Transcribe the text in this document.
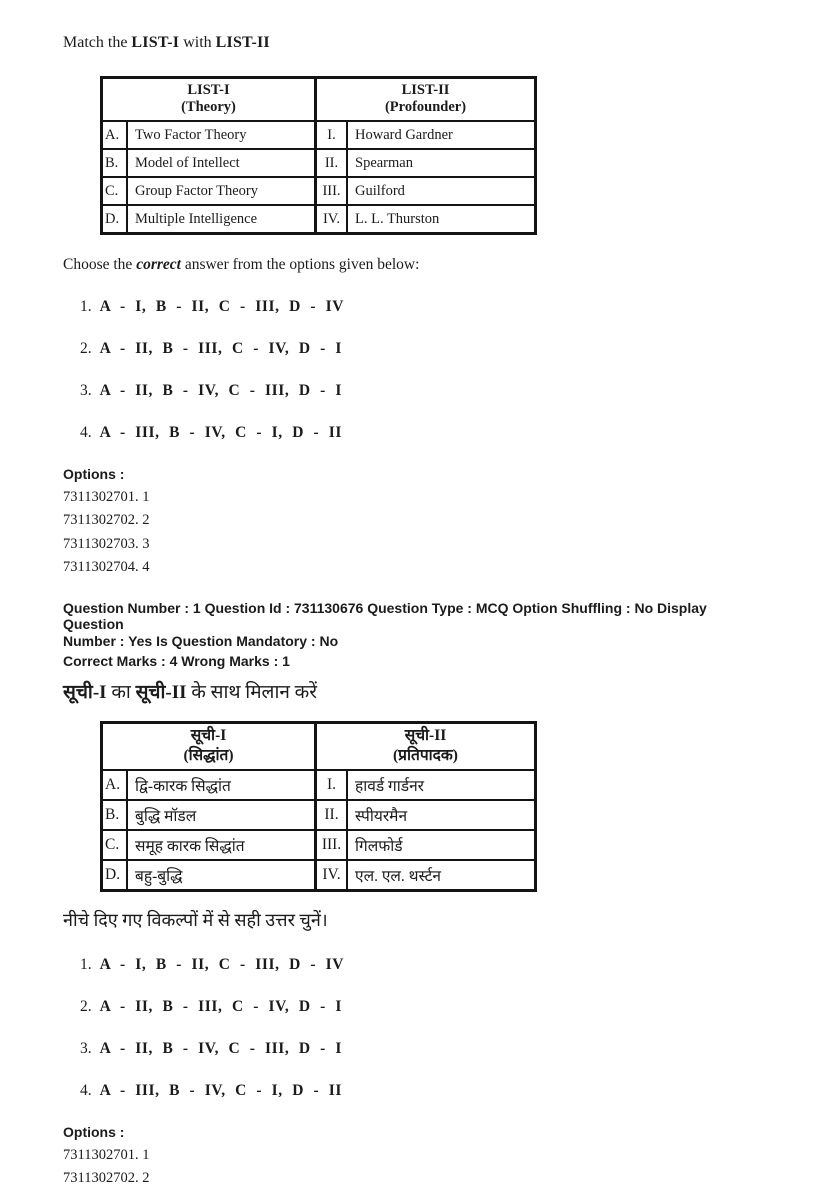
Match the LIST-I with LIST-II
LIST-I
(Theory)
LIST-II
(Profounder)
A.	Two Factor Theory	I.	Howard Gardner
B.	Model of Intellect	II.	Spearman
C.	Group Factor Theory	III. Guilford
D.	Multiple Intelligence	IV.	L. L. Thurston
Choose the correct answer from the options given below:
1. A - I, B - II, C - III, D - IV
2. A - II, B - III, C - IV, D - I
3. A - II, B - IV, C - III, D - I
4. A - III, B - IV, C - I, D - II
Options :
7311302701. 1
7311302702. 2
7311302703. 3
7311302704. 4
Question Number : 1 Question Id : 731130676 Question Type : MCQ Option Shuffling : No Display Question
Number : Yes Is Question Mandatory : No
Correct Marks : 4 Wrong Marks : 1
सूची-I का सूची-II के साथ मिलान करें
सूची-I
(सिद्धांत)
सूची-II
(प्रतिपादक)
A. द्वि-कारक सिद्धांत	I.	हावर्ड गार्डनर
B.	बुद्धि मॉडल	II.	स्पीयरमैन
C.	समूह कारक सिद्धांत	III. गिलफोर्ड
D. बहु-बुद्धि	IV. एल. एल. थर्स्टन
नीचे दिए गए विकल्पों में से सही उत्तर चुनें।
1. A - I, B - II, C - III, D - IV
2. A - II, B - III, C - IV, D - I
3. A - II, B - IV, C - III, D - I
4. A - III, B - IV, C - I, D - II
Options :
7311302701. 1
7311302702. 2
